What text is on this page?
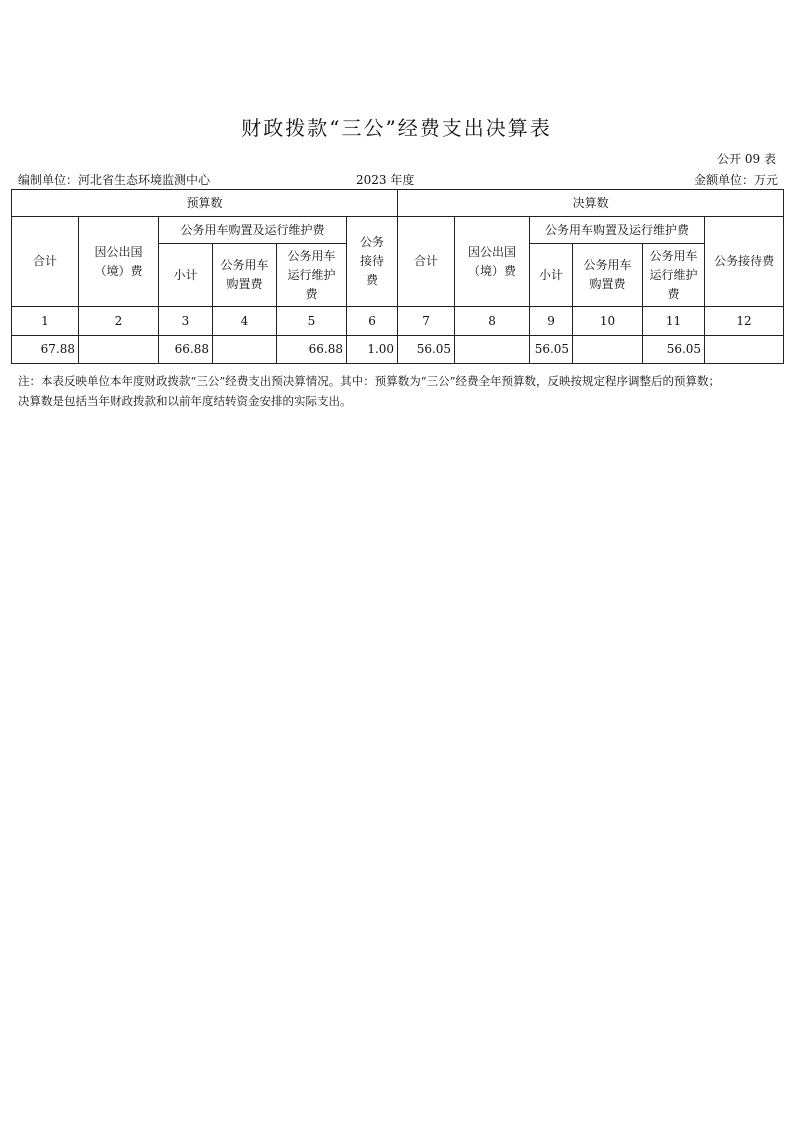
财政拨款“三公”经费支出决算表
公开 09 表
编制单位：河北省生态环境监测中心	2023 年度	金额单位：万元
预算数						决算数					
合计	因公出国（境）费	公务用车购置及运行维护费			公务接待费	合计	因公出国（境）费	公务用车购置及运行维护费			公务接待费
		小计	公务用车购置费	公务用车运行维护费				小计	公务用车购置费	公务用车运行维护费	
1	2	3	4	5	6	7	8	9	10	11	12
67.88		66.88		66.88	1.00	56.05		56.05		56.05	
注：本表反映单位本年度财政拨款“三公”经费支出预决算情况。其中：预算数为“三公”经费全年预算数，反映按规定程序调整后的预算数；
决算数是包括当年财政拨款和以前年度结转资金安排的实际支出。
